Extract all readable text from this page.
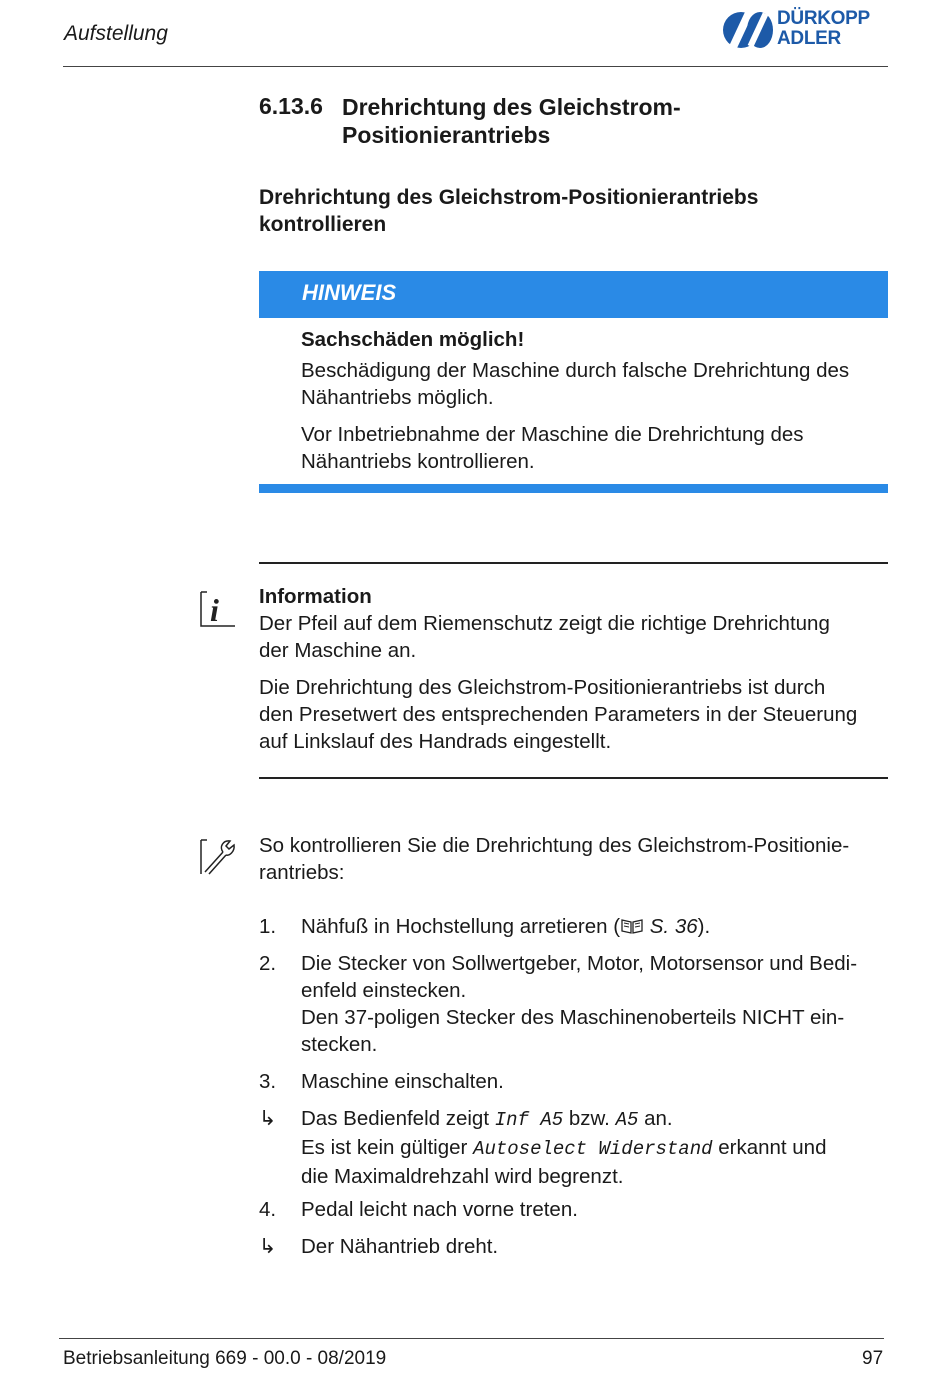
Aufstellung
DÜRKOPP
ADLER
6.13.6 Drehrichtung des Gleichstrom-
Positionierantriebs
Drehrichtung des Gleichstrom-Positionierantriebs
kontrollieren
HINWEIS

Sachschäden möglich!

Beschädigung der Maschine durch falsche Drehrichtung des
Nähantriebs möglich.

Vor Inbetriebnahme der Maschine die Drehrichtung des
Nähantriebs kontrollieren.

i Information

Der Pfeil auf dem Riemenschutz zeigt die richtige Drehrichtung
der Maschine an.

Die Drehrichtung des Gleichstrom-Positionierantriebs ist durch
den Presetwert des entsprechenden Parameters in der Steuerung
auf Linkslauf des Handrads eingestellt.

So kontrollieren Sie die Drehrichtung des Gleichstrom-Positionie-
rantriebs:
1. Nähfuß in Hochstellung arretieren ( S. 36).
2. Die Stecker von Sollwertgeber, Motor, Motorsensor und Bedi-
enfeld einstecken.
Den 37-poligen Stecker des Maschinenoberteils NICHT ein-
stecken.
3. Maschine einschalten.
↳ Das Bedienfeld zeigt Inf A5 bzw. A5 an.
Es ist kein gültiger Autoselect Widerstand erkannt und
die Maximaldrehzahl wird begrenzt.
4. Pedal leicht nach vorne treten.
↳ Der Nähantrieb dreht.
Betriebsanleitung 669 - 00.0 - 08/2019	97
